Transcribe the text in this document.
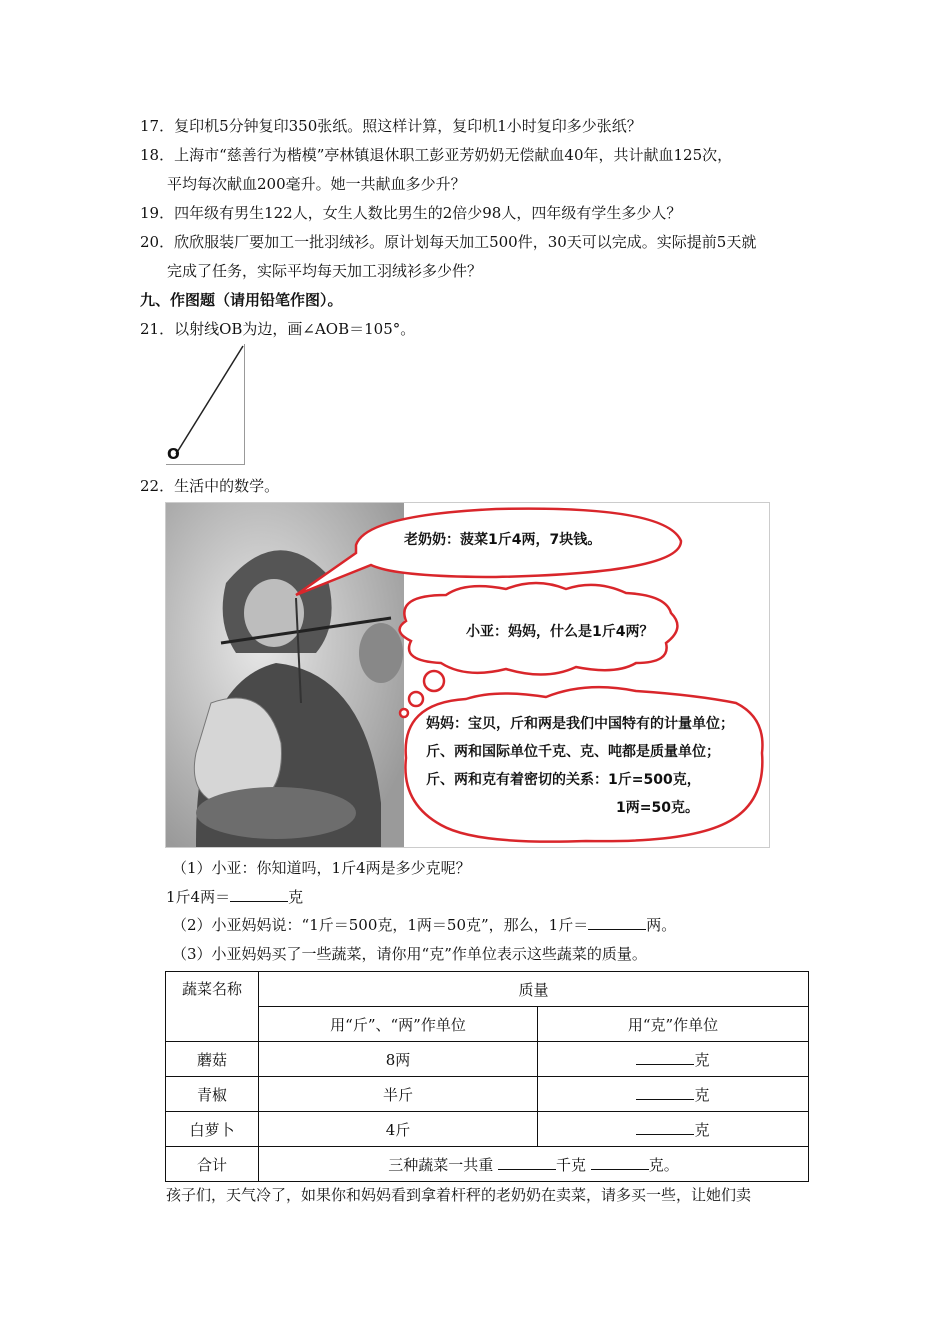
17．复印机5分钟复印350张纸。照这样计算，复印机1小时复印多少张纸？
18．上海市“慈善行为楷模”亭林镇退休职工彭亚芳奶奶无偿献血40年，共计献血125次，
平均每次献血200毫升。她一共献血多少升？
19．四年级有男生122人，女生人数比男生的2倍少98人，四年级有学生多少人？
20．欣欣服装厂要加工一批羽绒衫。原计划每天加工500件，30天可以完成。实际提前5天就
完成了任务，实际平均每天加工羽绒衫多少件？
九、作图题（请用铅笔作图）。
21．以射线OB为边，画∠AOB＝105°。
O
22．生活中的数学。
老奶奶：菠菜1斤4两，7块钱。
小亚：妈妈，什么是1斤4两？
妈妈：宝贝，斤和两是我们中国特有的计量单位；
斤、两和国际单位千克、克、吨都是质量单位；
斤、两和克有着密切的关系：1斤=500克，
1两=50克。
（1）小亚：你知道吗，1斤4两是多少克呢？
1斤4两＝	克
（2）小亚妈妈说：“1斤＝500克，1两＝50克”，那么，1斤＝	两。
（3）小亚妈妈买了一些蔬菜，请你用“克”作单位表示这些蔬菜的质量。
蔬菜名称	质量	
	用“斤”、“两”作单位	用“克”作单位
蘑菇	8两	克
青椒	半斤	克
白萝卜	4斤	克
合计	三种蔬菜一共重 千克 克。	
孩子们，天气冷了，如果你和妈妈看到拿着杆秤的老奶奶在卖菜，请多买一些，让她们卖
